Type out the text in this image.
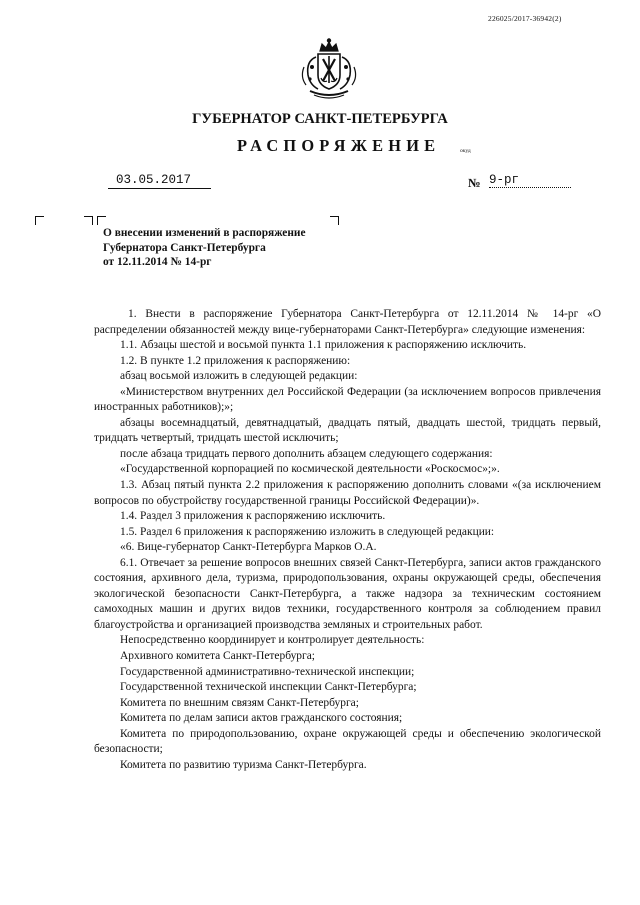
226025/2017-36942(2)
ГУБЕРНАТОР САНКТ-ПЕТЕРБУРГА
РАСПОРЯЖЕНИЕ	окуд
03.05.2017	№ 9-рг
О внесении изменений в распоряжение
Губернатора Санкт-Петербурга
от 12.11.2014 № 14-рг

1. Внести в распоряжение Губернатора Санкт-Петербурга от 12.11.2014 № 14-рг «О распределении обязанностей между вице-губернаторами Санкт-Петербурга» следующие изменения:

1.1. Абзацы шестой и восьмой пункта 1.1 приложения к распоряжению исключить.

1.2. В пункте 1.2 приложения к распоряжению:

абзац восьмой изложить в следующей редакции:

«Министерством внутренних дел Российской Федерации (за исключением вопросов привлечения иностранных работников);»;

абзацы восемнадцатый, девятнадцатый, двадцать пятый, двадцать шестой, тридцать первый, тридцать четвертый, тридцать шестой исключить;

после абзаца тридцать первого дополнить абзацем следующего содержания:

«Государственной корпорацией по космической деятельности «Роскосмос»;».

1.3. Абзац пятый пункта 2.2 приложения к распоряжению дополнить словами «(за исключением вопросов по обустройству государственной границы Российской Федерации)».

1.4. Раздел 3 приложения к распоряжению исключить.

1.5. Раздел 6 приложения к распоряжению изложить в следующей редакции:

«6. Вице-губернатор Санкт-Петербурга Марков О.А.

6.1. Отвечает за решение вопросов внешних связей Санкт-Петербурга, записи актов гражданского состояния, архивного дела, туризма, природопользования, охраны окружающей среды, обеспечения экологической безопасности Санкт-Петербурга, а также надзора за техническим состоянием самоходных машин и других видов техники, государственного контроля за соблюдением правил благоустройства и организацией производства земляных и строительных работ.

Непосредственно координирует и контролирует деятельность:

Архивного комитета Санкт-Петербурга;

Государственной административно-технической инспекции;

Государственной технической инспекции Санкт-Петербурга;

Комитета по внешним связям Санкт-Петербурга;

Комитета по делам записи актов гражданского состояния;

Комитета по природопользованию, охране окружающей среды и обеспечению экологической безопасности;

Комитета по развитию туризма Санкт-Петербурга.
